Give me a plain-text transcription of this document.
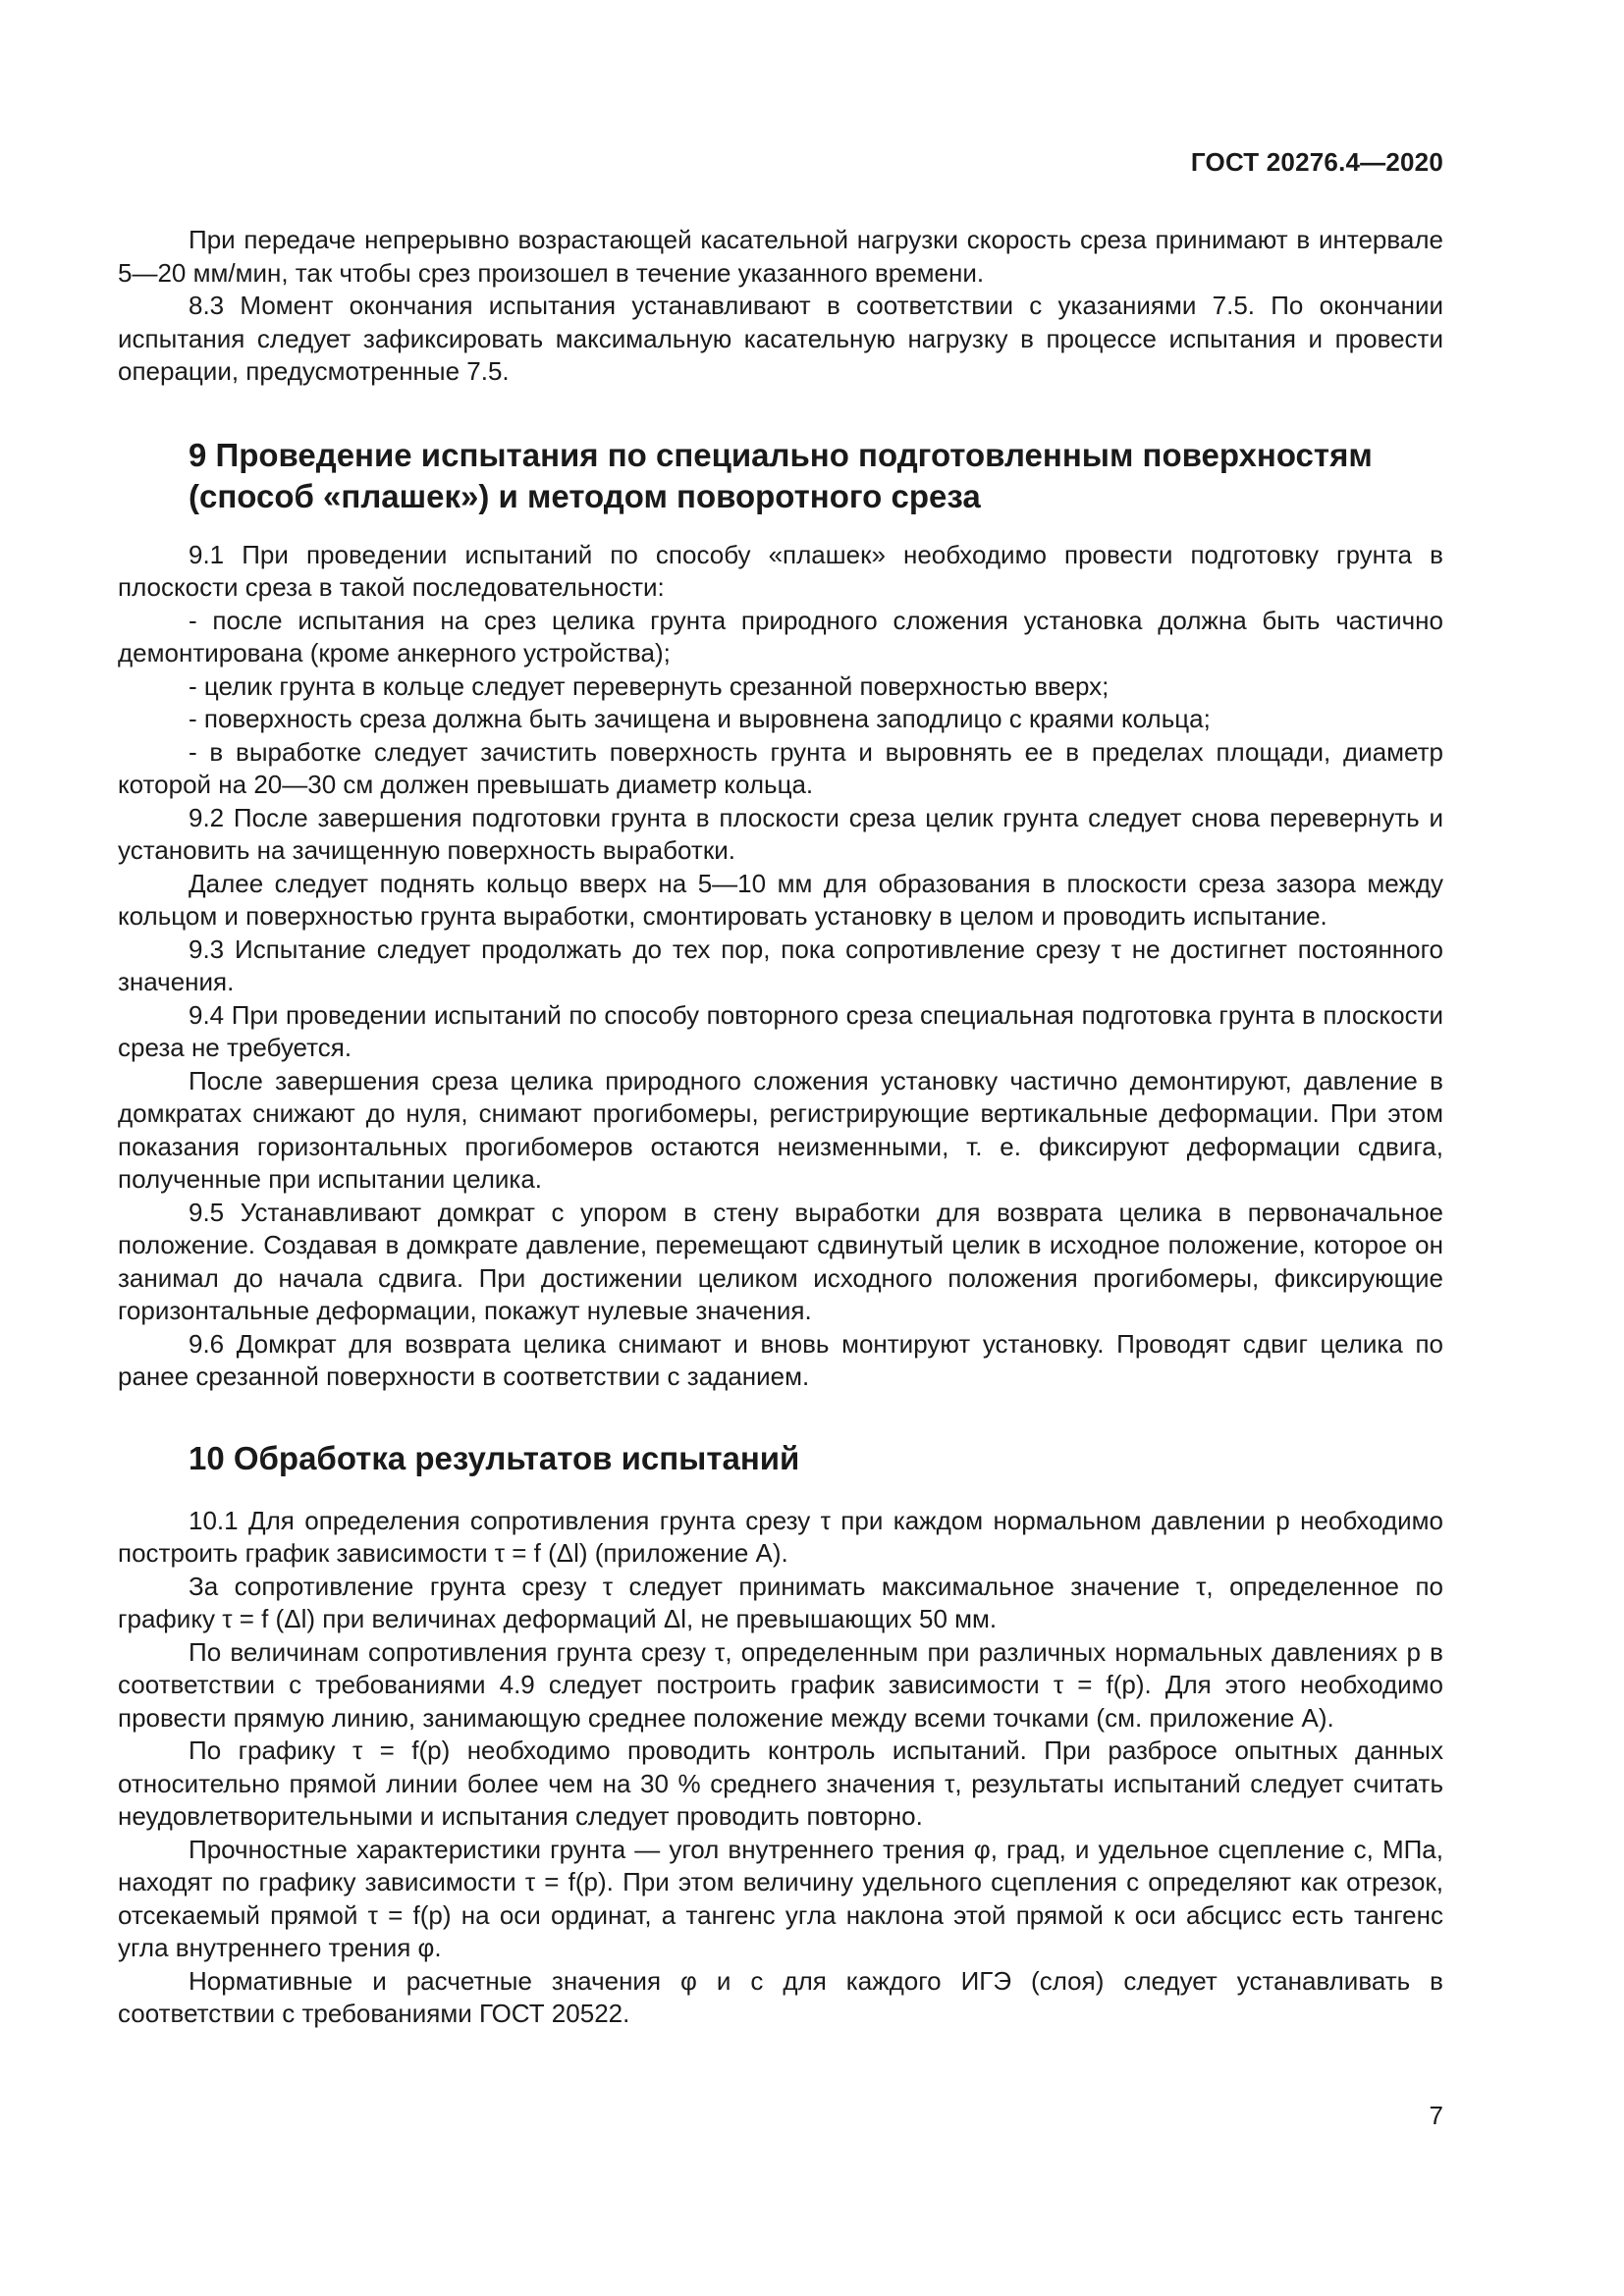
ГОСТ 20276.4—2020

При передаче непрерывно возрастающей касательной нагрузки скорость среза принимают в интервале 5—20 мм/мин, так чтобы срез произошел в течение указанного времени.

8.3 Момент окончания испытания устанавливают в соответствии с указаниями 7.5. По окончании испытания следует зафиксировать максимальную касательную нагрузку в процессе испытания и провести операции, предусмотренные 7.5.

9 Проведение испытания по специально подготовленным поверхностям (способ «плашек») и методом поворотного среза

9.1 При проведении испытаний по способу «плашек» необходимо провести подготовку грунта в плоскости среза в такой последовательности:

- после испытания на срез целика грунта природного сложения установка должна быть частично демонтирована (кроме анкерного устройства);

- целик грунта в кольце следует перевернуть срезанной поверхностью вверх;

- поверхность среза должна быть зачищена и выровнена заподлицо с краями кольца;

- в выработке следует зачистить поверхность грунта и выровнять ее в пределах площади, диаметр которой на 20—30 см должен превышать диаметр кольца.

9.2 После завершения подготовки грунта в плоскости среза целик грунта следует снова перевернуть и установить на зачищенную поверхность выработки.

Далее следует поднять кольцо вверх на 5—10 мм для образования в плоскости среза зазора между кольцом и поверхностью грунта выработки, смонтировать установку в целом и проводить испытание.

9.3 Испытание следует продолжать до тех пор, пока сопротивление срезу τ не достигнет постоянного значения.

9.4 При проведении испытаний по способу повторного среза специальная подготовка грунта в плоскости среза не требуется.

После завершения среза целика природного сложения установку частично демонтируют, давление в домкратах снижают до нуля, снимают прогибомеры, регистрирующие вертикальные деформации. При этом показания горизонтальных прогибомеров остаются неизменными, т. е. фиксируют деформации сдвига, полученные при испытании целика.

9.5 Устанавливают домкрат с упором в стену выработки для возврата целика в первоначальное положение. Создавая в домкрате давление, перемещают сдвинутый целик в исходное положение, которое он занимал до начала сдвига. При достижении целиком исходного положения прогибомеры, фиксирующие горизонтальные деформации, покажут нулевые значения.

9.6 Домкрат для возврата целика снимают и вновь монтируют установку. Проводят сдвиг целика по ранее срезанной поверхности в соответствии с заданием.

10 Обработка результатов испытаний

10.1 Для определения сопротивления грунта срезу τ при каждом нормальном давлении p необходимо построить график зависимости τ = f (Δl) (приложение А).

За сопротивление грунта срезу τ следует принимать максимальное значение τ, определенное по графику τ = f (Δl) при величинах деформаций Δl, не превышающих 50 мм.

По величинам сопротивления грунта срезу τ, определенным при различных нормальных давлениях p в соответствии с требованиями 4.9 следует построить график зависимости τ = f(p). Для этого необходимо провести прямую линию, занимающую среднее положение между всеми точками (см. приложение А).

По графику τ = f(p) необходимо проводить контроль испытаний. При разбросе опытных данных относительно прямой линии более чем на 30 % среднего значения τ, результаты испытаний следует считать неудовлетворительными и испытания следует проводить повторно.

Прочностные характеристики грунта — угол внутреннего трения φ, град, и удельное сцепление c, МПа, находят по графику зависимости τ = f(p). При этом величину удельного сцепления c определяют как отрезок, отсекаемый прямой τ = f(p) на оси ординат, а тангенс угла наклона этой прямой к оси абсцисс есть тангенс угла внутреннего трения φ.

Нормативные и расчетные значения φ и c для каждого ИГЭ (слоя) следует устанавливать в соответствии с требованиями ГОСТ 20522.

7
